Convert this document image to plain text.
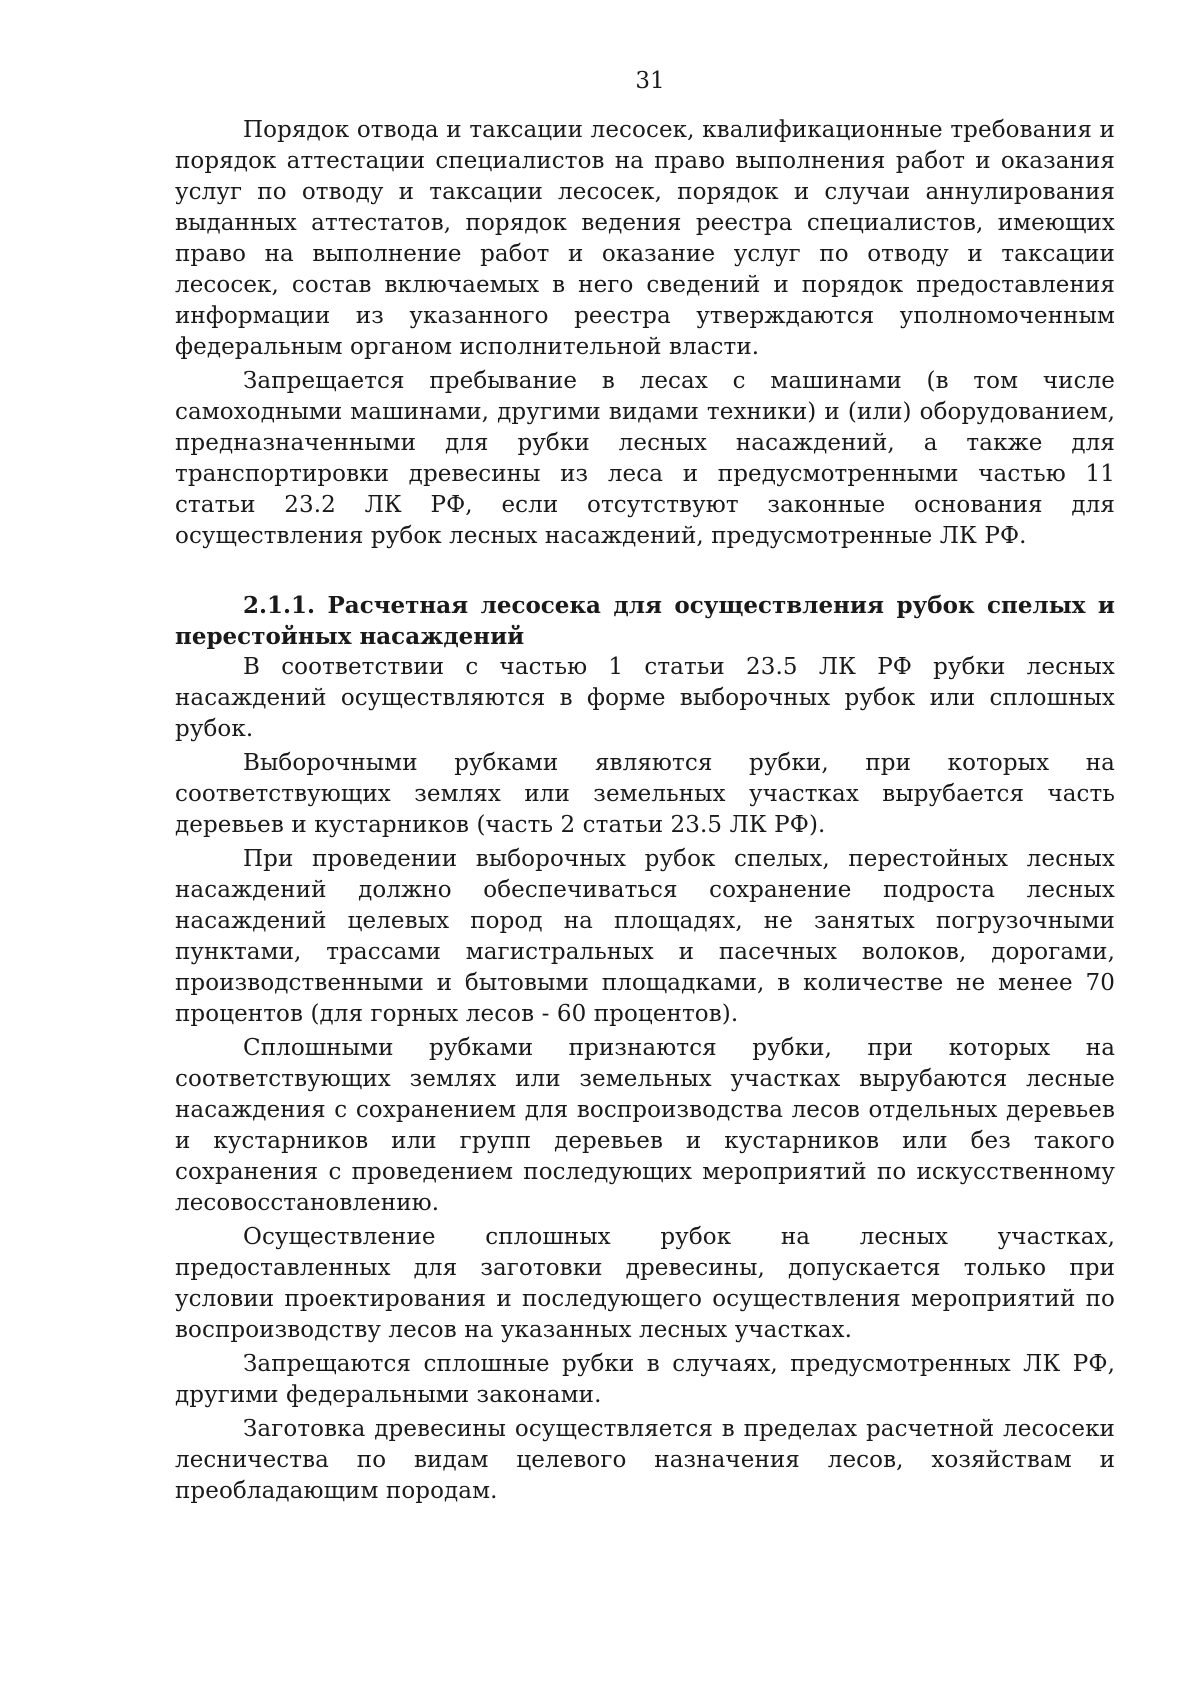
31

Порядок отвода и таксации лесосек, квалификационные требования и порядок аттестации специалистов на право выполнения работ и оказания услуг по отводу и таксации лесосек, порядок и случаи аннулирования выданных аттестатов, порядок ведения реестра специалистов, имеющих право на выполнение работ и оказание услуг по отводу и таксации лесосек, состав включаемых в него сведений и порядок предоставления информации из указанного реестра утверждаются уполномоченным федеральным органом исполнительной власти.

Запрещается пребывание в лесах с машинами (в том числе самоходными машинами, другими видами техники) и (или) оборудованием, предназначенными для рубки лесных насаждений, а также для транспортировки древесины из леса и предусмотренными частью 11 статьи 23.2 ЛК РФ, если отсутствуют законные основания для осуществления рубок лесных насаждений, предусмотренные ЛК РФ.

2.1.1. Расчетная лесосека для осуществления рубок спелых и перестойных насаждений

В соответствии с частью 1 статьи 23.5 ЛК РФ рубки лесных насаждений осуществляются в форме выборочных рубок или сплошных рубок.

Выборочными рубками являются рубки, при которых на соответствующих землях или земельных участках вырубается часть деревьев и кустарников (часть 2 статьи 23.5 ЛК РФ).

При проведении выборочных рубок спелых, перестойных лесных насаждений должно обеспечиваться сохранение подроста лесных насаждений целевых пород на площадях, не занятых погрузочными пунктами, трассами магистральных и пасечных волоков, дорогами, производственными и бытовыми площадками, в количестве не менее 70 процентов (для горных лесов - 60 процентов).

Сплошными рубками признаются рубки, при которых на соответствующих землях или земельных участках вырубаются лесные насаждения с сохранением для воспроизводства лесов отдельных деревьев и кустарников или групп деревьев и кустарников или без такого сохранения с проведением последующих мероприятий по искусственному лесовосстановлению.

Осуществление сплошных рубок на лесных участках, предоставленных для заготовки древесины, допускается только при условии проектирования и последующего осуществления мероприятий по воспроизводству лесов на указанных лесных участках.

Запрещаются сплошные рубки в случаях, предусмотренных ЛК РФ, другими федеральными законами.

Заготовка древесины осуществляется в пределах расчетной лесосеки лесничества по видам целевого назначения лесов, хозяйствам и преобладающим породам.
